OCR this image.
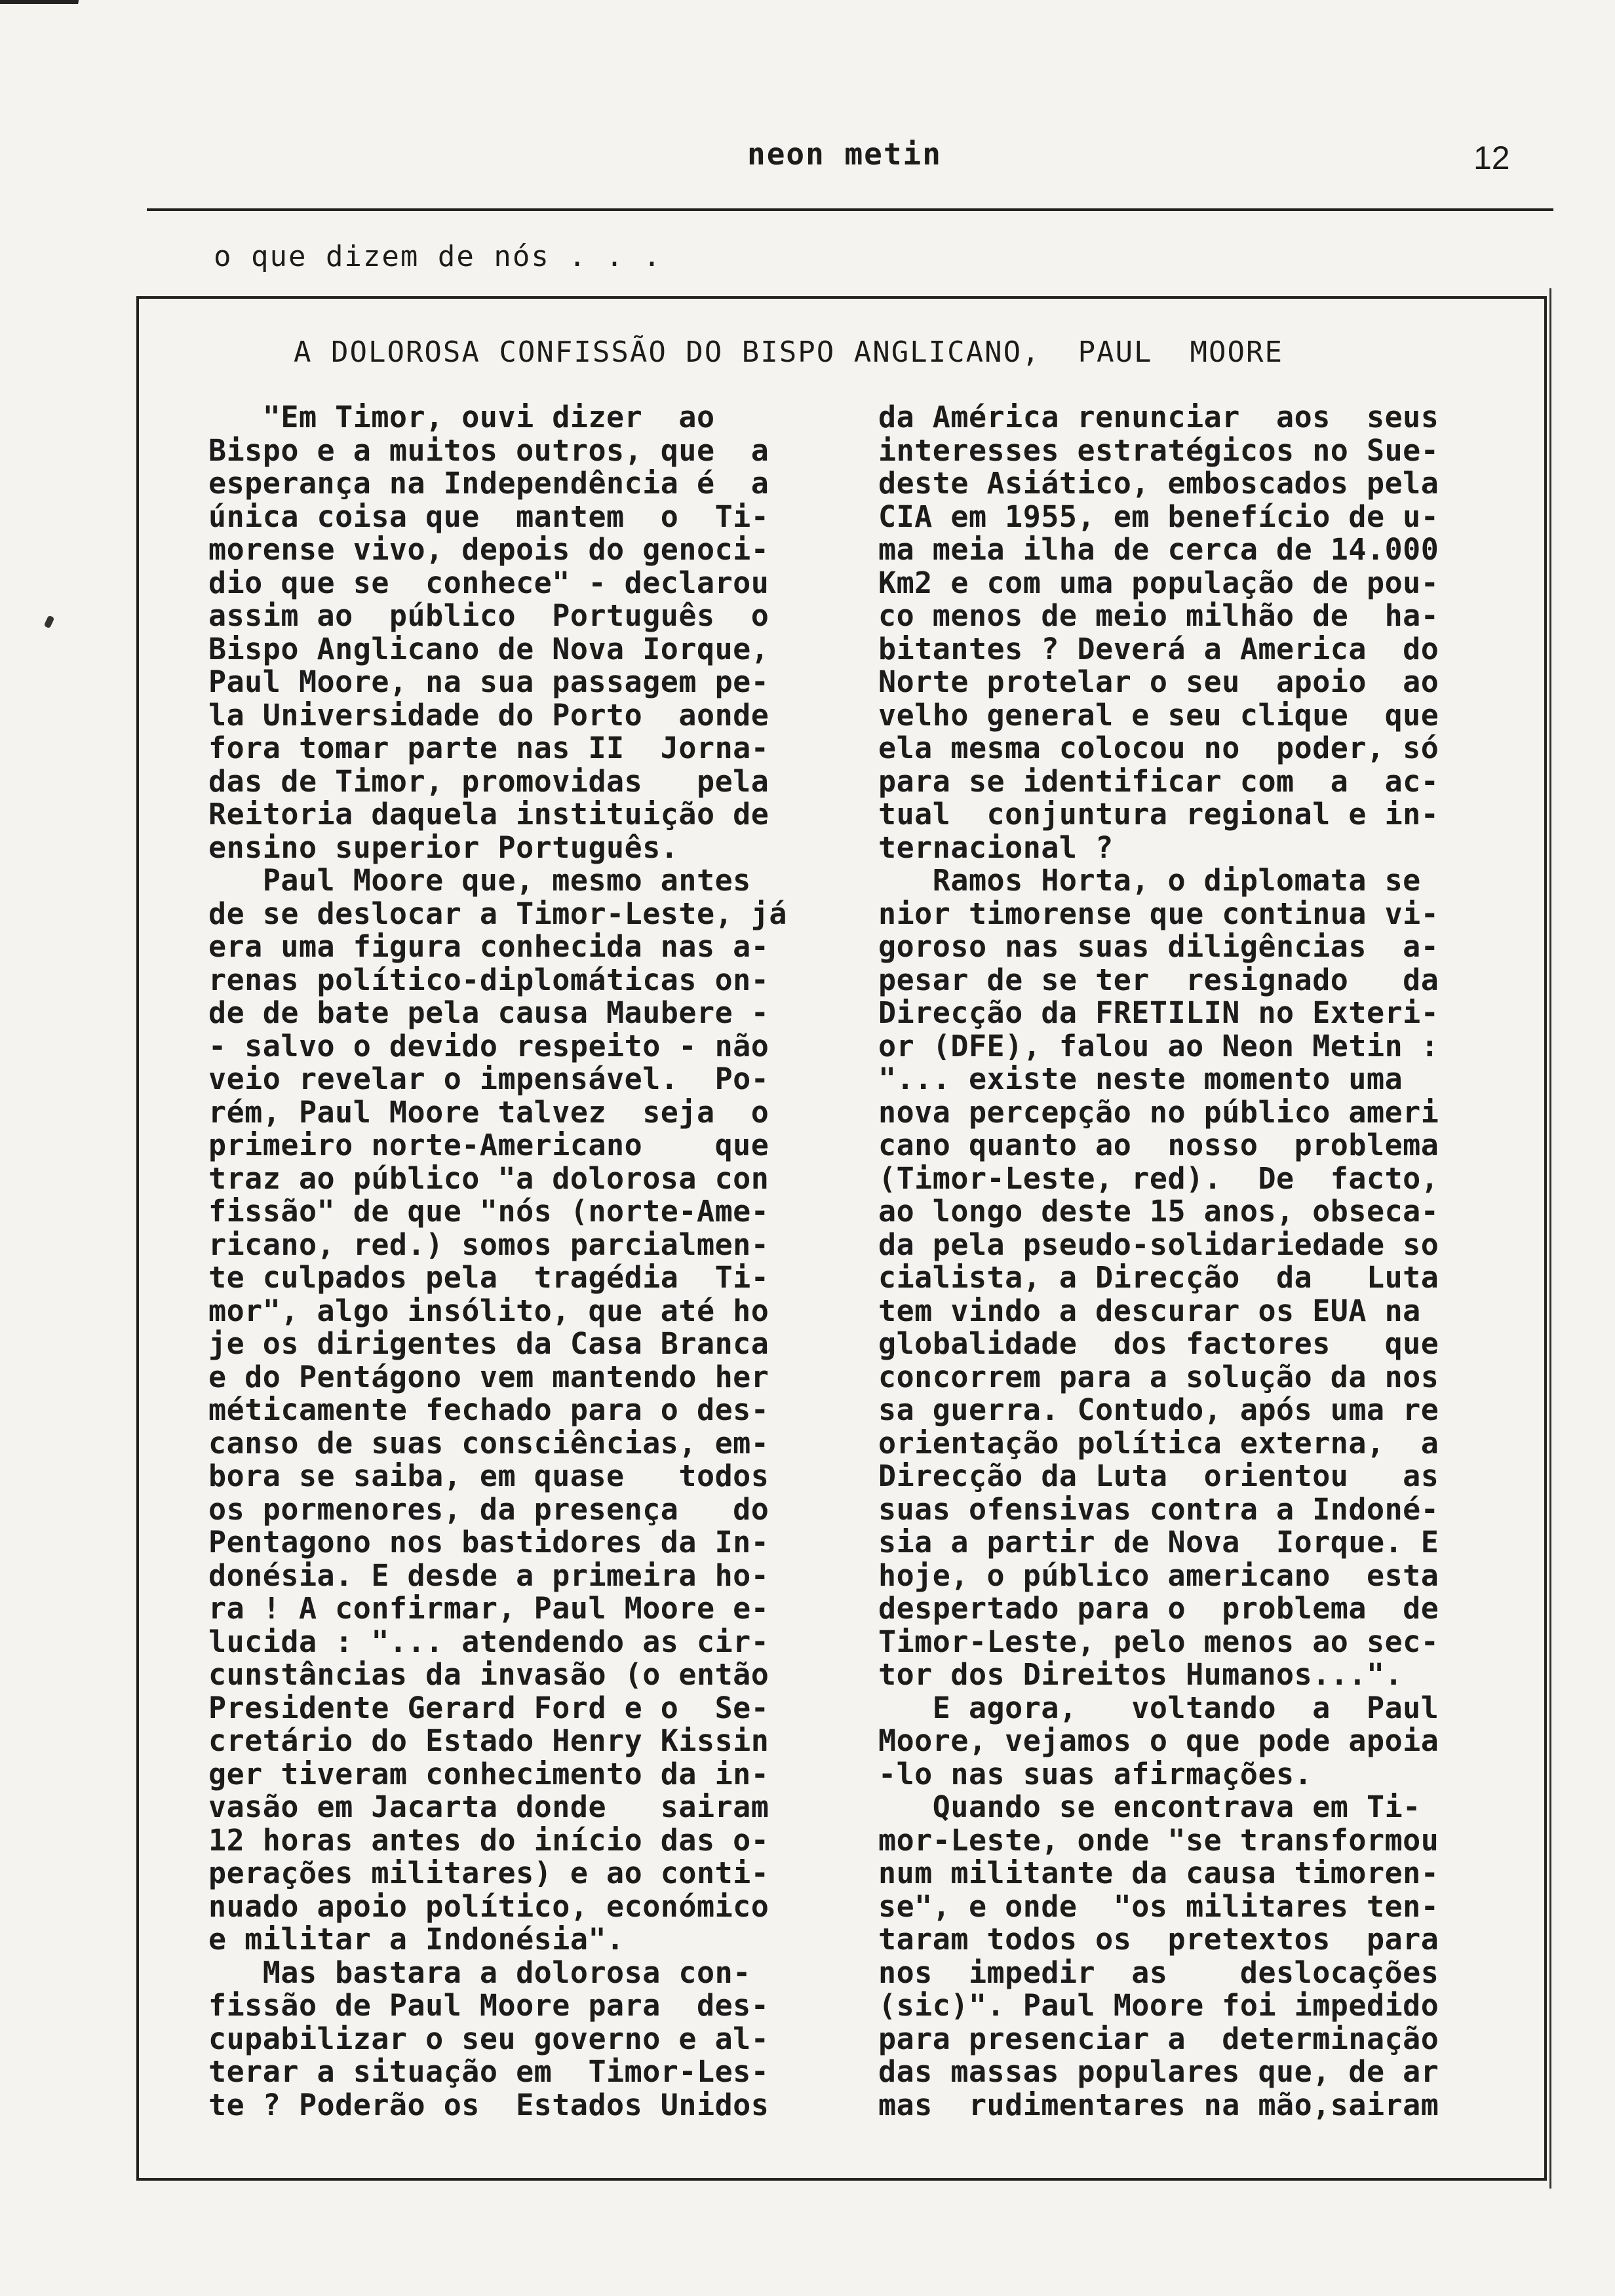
neon metin	12
o que dizem de nós . . .
A DOLOROSA CONFISSÃO DO BISPO ANGLICANO,  PAUL  MOORE
"Em Timor, ouvi dizer  ao
Bispo e a muitos outros, que  a
esperança na Independência é  a
única coisa que  mantem  o  Ti-
morense vivo, depois do genoci-
dio que se  conhece" - declarou
assim ao  público  Português  o
Bispo Anglicano de Nova Iorque,
Paul Moore, na sua passagem pe-
la Universidade do Porto  aonde
fora tomar parte nas II  Jorna-
das de Timor, promovidas   pela
Reitoria daquela instituição de
ensino superior Português.
Paul Moore que, mesmo antes
de se deslocar a Timor-Leste, já
era uma figura conhecida nas a-
renas político-diplomáticas on-
de de bate pela causa Maubere -
- salvo o devido respeito - não
veio revelar o impensável.  Po-
rém, Paul Moore talvez  seja  o
primeiro norte-Americano    que
traz ao público "a dolorosa con
fissão" de que "nós (norte-Ame-
ricano, red.) somos parcialmen-
te culpados pela  tragédia  Ti-
mor", algo insólito, que até ho
je os dirigentes da Casa Branca
e do Pentágono vem mantendo her
méticamente fechado para o des-
canso de suas consciências, em-
bora se saiba, em quase   todos
os pormenores, da presença   do
Pentagono nos bastidores da In-
donésia. E desde a primeira ho-
ra ! A confirmar, Paul Moore e-
lucida : "... atendendo as cir-
cunstâncias da invasão (o então
Presidente Gerard Ford e o  Se-
cretário do Estado Henry Kissin
ger tiveram conhecimento da in-
vasão em Jacarta donde   sairam
12 horas antes do início das o-
perações militares) e ao conti-
nuado apoio político, económico
e militar a Indonésia".
Mas bastara a dolorosa con-
fissão de Paul Moore para  des-
cupabilizar o seu governo e al-
terar a situação em  Timor-Les-
te ? Poderão os  Estados Unidos
da América renunciar  aos  seus
interesses estratégicos no Sue-
deste Asiático, emboscados pela
CIA em 1955, em benefício de u-
ma meia ilha de cerca de 14.000
Km2 e com uma população de pou-
co menos de meio milhão de  ha-
bitantes ? Deverá a America  do
Norte protelar o seu  apoio  ao
velho general e seu clique  que
ela mesma colocou no  poder, só
para se identificar com  a  ac-
tual  conjuntura regional e in-
ternacional ?
Ramos Horta, o diplomata se
nior timorense que continua vi-
goroso nas suas diligências  a-
pesar de se ter  resignado   da
Direcção da FRETILIN no Exteri-
or (DFE), falou ao Neon Metin :
"... existe neste momento uma
nova percepção no público ameri
cano quanto ao  nosso  problema
(Timor-Leste, red).  De  facto,
ao longo deste 15 anos, obseca-
da pela pseudo-solidariedade so
cialista, a Direcção  da   Luta
tem vindo a descurar os EUA na
globalidade  dos factores   que
concorrem para a solução da nos
sa guerra. Contudo, após uma re
orientação política externa,  a
Direcção da Luta  orientou   as
suas ofensivas contra a Indoné-
sia a partir de Nova  Iorque. E
hoje, o público americano  esta
despertado para o  problema  de
Timor-Leste, pelo menos ao sec-
tor dos Direitos Humanos...".
E agora,   voltando  a  Paul
Moore, vejamos o que pode apoia
-lo nas suas afirmações.
Quando se encontrava em Ti-
mor-Leste, onde "se transformou
num militante da causa timoren-
se", e onde  "os militares ten-
taram todos os  pretextos  para
nos  impedir  as    deslocações
(sic)". Paul Moore foi impedido
para presenciar a  determinação
das massas populares que, de ar
mas  rudimentares na mão,sairam
